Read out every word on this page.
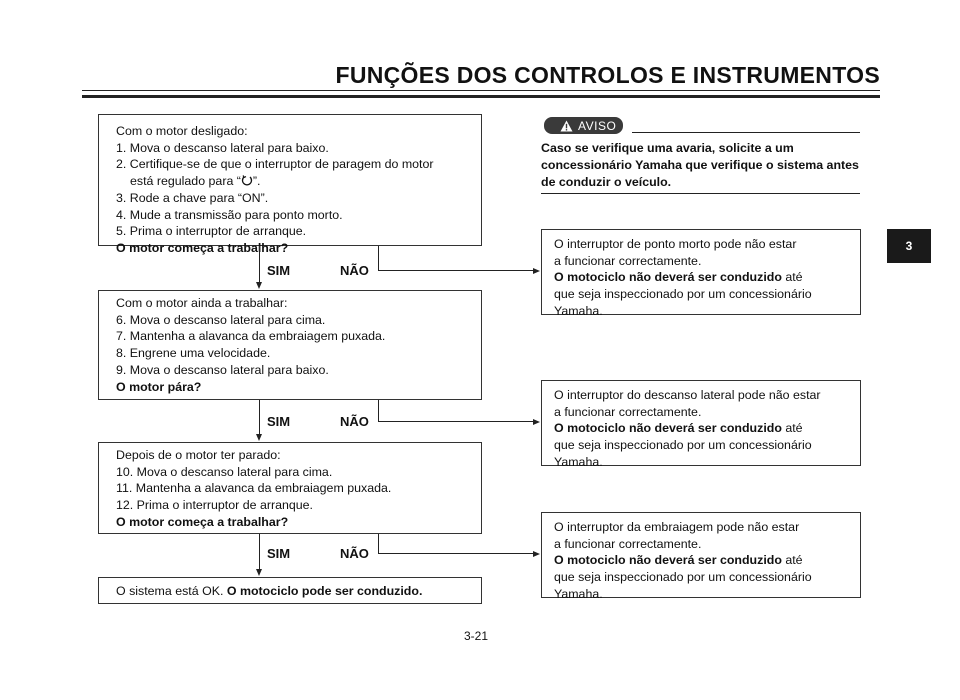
FUNÇÕES DOS CONTROLOS E INSTRUMENTOS
Com o motor desligado:
1. Mova o descanso lateral para baixo.
2. Certifique-se de que o interruptor de paragem do motor
está regulado para “ ”.
3. Rode a chave para “ON”.
4. Mude a transmissão para ponto morto.
5. Prima o interruptor de arranque.
O motor começa a trabalhar?
SIM	NÃO
Com o motor ainda a trabalhar:
6. Mova o descanso lateral para cima.
7. Mantenha a alavanca da embraiagem puxada.
8. Engrene uma velocidade.
9. Mova o descanso lateral para baixo.
O motor pára?
SIM	NÃO
Depois de o motor ter parado:
10. Mova o descanso lateral para cima.
11. Mantenha a alavanca da embraiagem puxada.
12. Prima o interruptor de arranque.
O motor começa a trabalhar?
SIM	NÃO
O sistema está OK. O motociclo pode ser conduzido.
AVISO
Caso se verifique uma avaria, solicite a um concessionário Yamaha que verifique o sistema antes de conduzir o veículo.
O interruptor de ponto morto pode não estar
a funcionar correctamente.
O motociclo não deverá ser conduzido até
que seja inspeccionado por um concessionário
Yamaha.
O interruptor do descanso lateral pode não estar
a funcionar correctamente.
O motociclo não deverá ser conduzido até
que seja inspeccionado por um concessionário
Yamaha.
O interruptor da embraiagem pode não estar
a funcionar correctamente.
O motociclo não deverá ser conduzido até
que seja inspeccionado por um concessionário
Yamaha.
3
3-21
